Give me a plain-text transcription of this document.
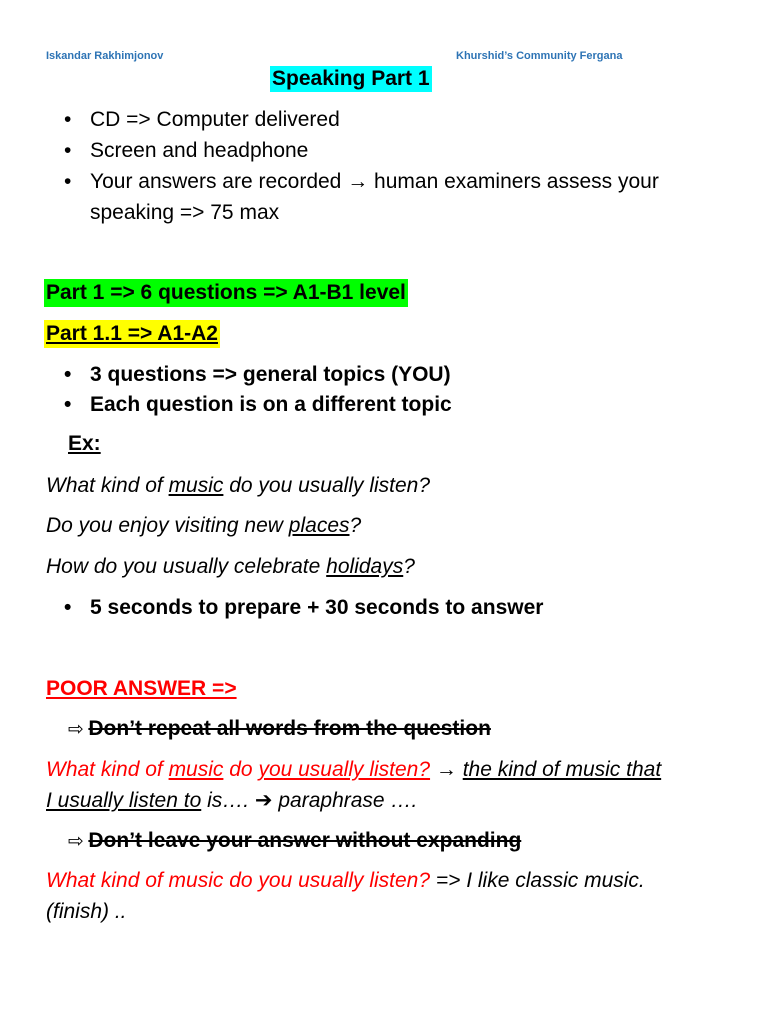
Iskandar Rakhimjonov	Khurshid’s Community Fergana
Speaking Part 1
• CD => Computer delivered
• Screen and headphone
• Your answers are recorded → human examiners assess your
speaking => 75 max
Part 1 => 6 questions => A1-B1 level
Part 1.1 => A1-A2
• 3 questions => general topics (YOU)
• Each question is on a different topic
Ex:
What kind of music do you usually listen?
Do you enjoy visiting new places?
How do you usually celebrate holidays?
• 5 seconds to prepare + 30 seconds to answer
POOR ANSWER =>
⇨ Don’t repeat all words from the question
What kind of music do you usually listen? → the kind of music that
I usually listen to is…. ➔ paraphrase ….
⇨ Don’t leave your answer without expanding
What kind of music do you usually listen? => I like classic music.
(finish) ..
